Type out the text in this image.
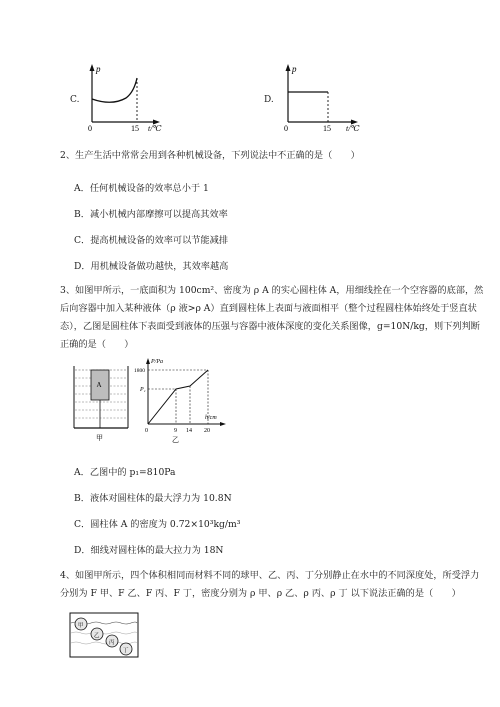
C.
p
0	15 t/℃
D.
p
0	15 t/℃
2、生产生活中常常会用到各种机械设备，下列说法中不正确的是（　　）
A．任何机械设备的效率总小于 1
B．减小机械内部摩擦可以提高其效率
C．提高机械设备的效率可以节能减排
D．用机械设备做功越快，其效率越高
3、如图甲所示，一底面积为 100cm²、密度为 ρ A 的实心圆柱体 A，用细线拴在一个空容器的底部，然
后向容器中加入某种液体（ρ 液>ρ A）直到圆柱体上表面与液面相平（整个过程圆柱体始终处于竖直状
态），乙图是圆柱体下表面受到液体的压强与容器中液体深度的变化关系图像，g=10N/kg，则下列判断
正确的是（　　）
A
甲
P/Pa
1800
P₁
h/cm
0	9 14 20
乙
A．乙图中的 p₁=810Pa
B．液体对圆柱体的最大浮力为 10.8N
C．圆柱体 A 的密度为 0.72×10³kg/m³
D．细线对圆柱体的最大拉力为 18N
4、如图甲所示，四个体积相同而材料不同的球甲、乙、丙、丁分别静止在水中的不同深度处，所受浮力
分别为 F 甲、F 乙、F 丙、F 丁，密度分别为 ρ 甲、ρ 乙、ρ 丙、ρ 丁 以下说法正确的是（　　）
甲
乙
丙
丁
